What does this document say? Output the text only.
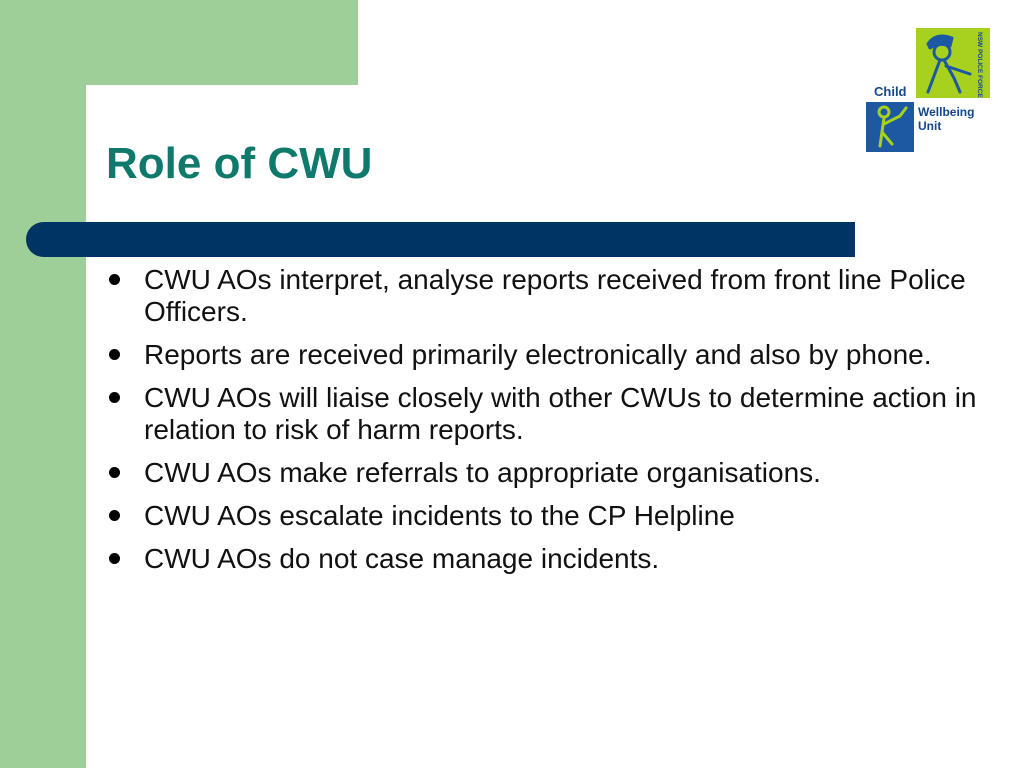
Role of CWU
CWU AOs interpret, analyse reports received from front line Police Officers.
Reports are received primarily electronically and also by phone.
CWU AOs will liaise closely with other CWUs to determine action in relation to risk of harm reports.
CWU AOs make referrals to appropriate organisations.
CWU AOs escalate incidents to the CP Helpline
CWU AOs do not case manage incidents.
NSW POLICE FORCE
Child
Wellbeing
Unit
